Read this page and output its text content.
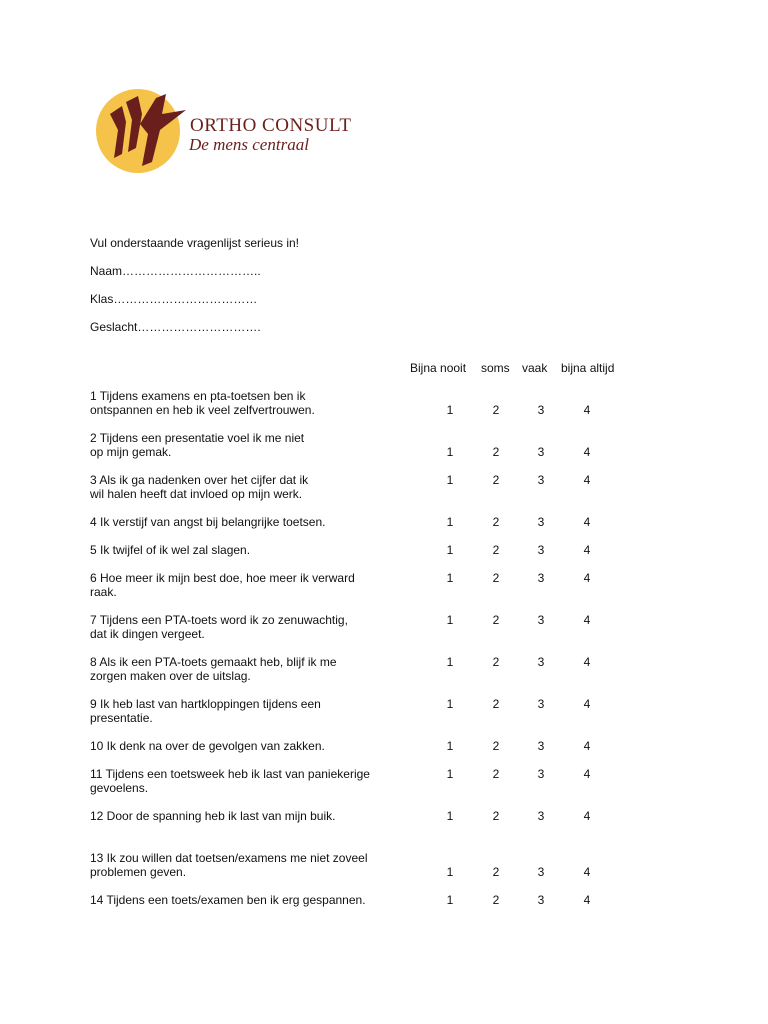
ORTHO CONSULT
De mens centraal
Vul onderstaande vragenlijst serieus in!
Naam……………………………..
Klas………………………………
Geslacht………………………….
Bijna nooit soms vaak bijna altijd
1 Tijdens examens en pta-toetsen ben ik
ontspannen en heb ik veel zelfvertrouwen.	1	2	3	4
2 Tijdens een presentatie voel ik me niet
op mijn gemak.	1	2	3	4
3 Als ik ga nadenken over het cijfer dat ik
wil halen heeft dat invloed op mijn werk.
1	2	3	4
4 Ik verstijf van angst bij belangrijke toetsen.	1	2	3	4
5 Ik twijfel of ik wel zal slagen.	1	2	3	4
6 Hoe meer ik mijn best doe, hoe meer ik verward
raak.
1	2	3	4
7 Tijdens een PTA-toets word ik zo zenuwachtig,
dat ik dingen vergeet.
1	2	3	4
8 Als ik een PTA-toets gemaakt heb, blijf ik me
zorgen maken over de uitslag.
1	2	3	4
9 Ik heb last van hartkloppingen tijdens een
presentatie.
1	2	3	4
10 Ik denk na over de gevolgen van zakken.	1	2	3	4
11 Tijdens een toetsweek heb ik last van paniekerige
gevoelens.
1	2	3	4
12 Door de spanning heb ik last van mijn buik.	1	2	3	4
13 Ik zou willen dat toetsen/examens me niet zoveel
problemen geven.	1	2	3	4
14 Tijdens een toets/examen ben ik erg gespannen.	1	2	3	4
